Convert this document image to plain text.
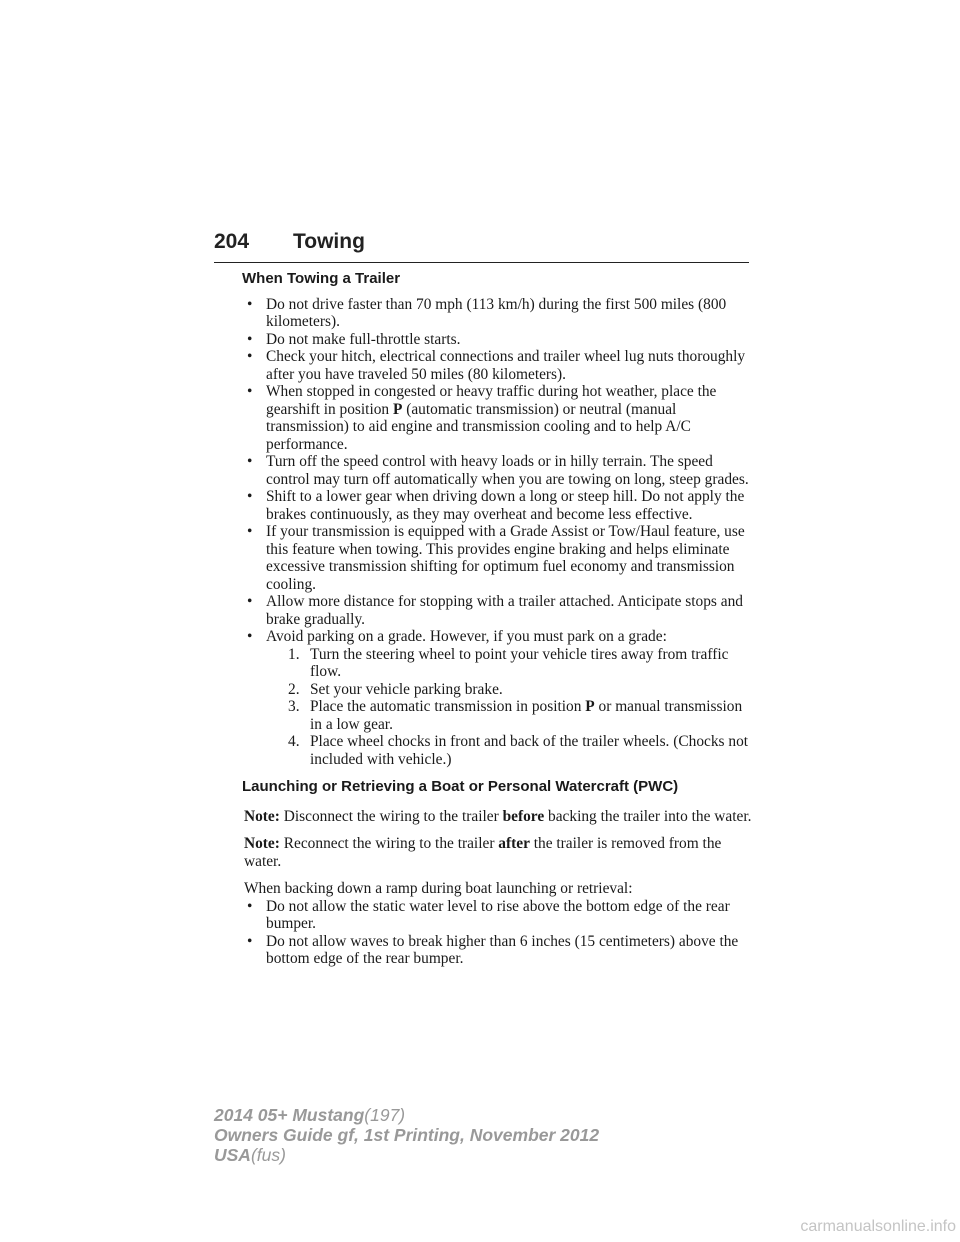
204 Towing
When Towing a Trailer
• Do not drive faster than 70 mph (113 km/h) during the first 500 miles (800 kilometers).
• Do not make full-throttle starts.
• Check your hitch, electrical connections and trailer wheel lug nuts thoroughly after you have traveled 50 miles (80 kilometers).
• When stopped in congested or heavy traffic during hot weather, place the gearshift in position P (automatic transmission) or neutral (manual transmission) to aid engine and transmission cooling and to help A/C performance.
• Turn off the speed control with heavy loads or in hilly terrain. The speed control may turn off automatically when you are towing on long, steep grades.
• Shift to a lower gear when driving down a long or steep hill. Do not apply the brakes continuously, as they may overheat and become less effective.
• If your transmission is equipped with a Grade Assist or Tow/Haul feature, use this feature when towing. This provides engine braking and helps eliminate excessive transmission shifting for optimum fuel economy and transmission cooling.
• Allow more distance for stopping with a trailer attached. Anticipate stops and brake gradually.
• Avoid parking on a grade. However, if you must park on a grade:
1. Turn the steering wheel to point your vehicle tires away from traffic flow.
2. Set your vehicle parking brake.
3. Place the automatic transmission in position P or manual transmission in a low gear.
4. Place wheel chocks in front and back of the trailer wheels. (Chocks not included with vehicle.)
Launching or Retrieving a Boat or Personal Watercraft (PWC)

Note: Disconnect the wiring to the trailer before backing the trailer into the water.

Note: Reconnect the wiring to the trailer after the trailer is removed from the water.

When backing down a ramp during boat launching or retrieval:

• Do not allow the static water level to rise above the bottom edge of the rear bumper.
• Do not allow waves to break higher than 6 inches (15 centimeters) above the bottom edge of the rear bumper.
2014 05+ Mustang(197)
Owners Guide gf, 1st Printing, November 2012
USA(fus)
carmanualsonline.info
